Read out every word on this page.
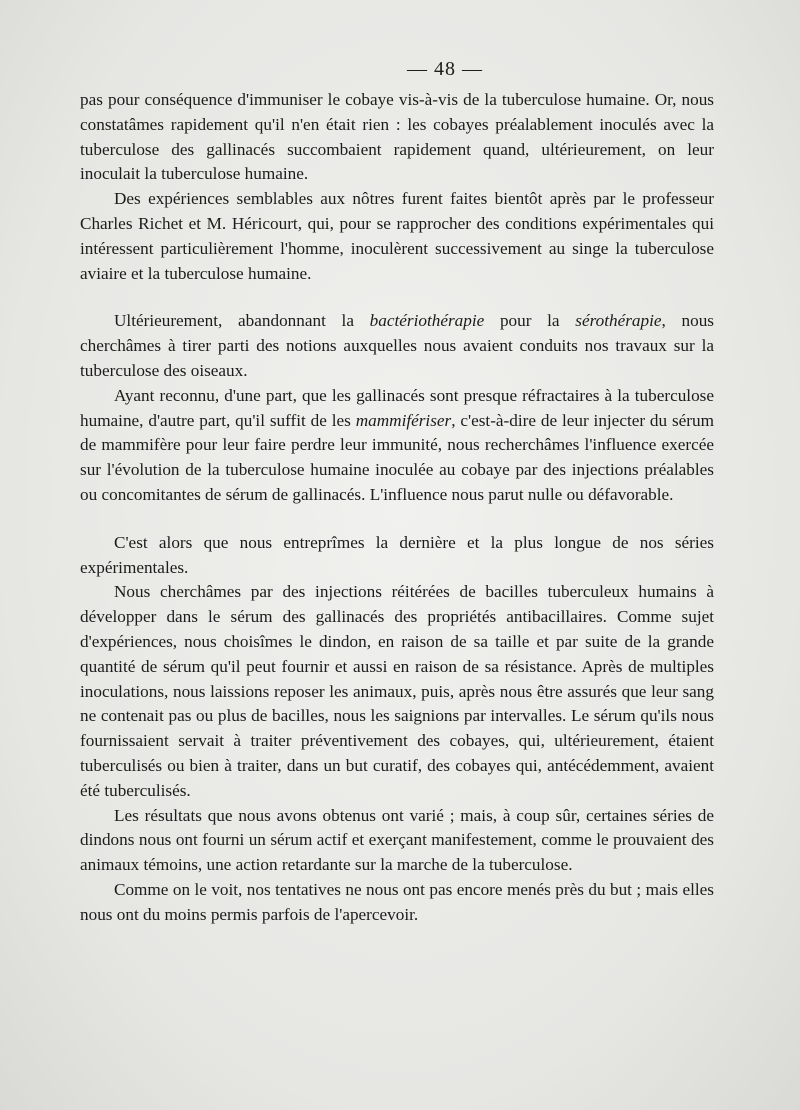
— 48 —

pas pour conséquence d'immuniser le cobaye vis-à-vis de la tuberculose humaine. Or, nous constatâmes rapidement qu'il n'en était rien : les cobayes préalablement inoculés avec la tuberculose des gallinacés succombaient rapidement quand, ultérieurement, on leur inoculait la tuberculose humaine.

Des expériences semblables aux nôtres furent faites bientôt après par le professeur Charles Richet et M. Héricourt, qui, pour se rapprocher des conditions expérimentales qui intéressent particulièrement l'homme, inoculèrent successivement au singe la tuberculose aviaire et la tuberculose humaine.

Ultérieurement, abandonnant la bactériothérapie pour la sérothérapie, nous cherchâmes à tirer parti des notions auxquelles nous avaient conduits nos travaux sur la tuberculose des oiseaux.

Ayant reconnu, d'une part, que les gallinacés sont presque réfractaires à la tuberculose humaine, d'autre part, qu'il suffit de les mammifériser, c'est-à-dire de leur injecter du sérum de mammifère pour leur faire perdre leur immunité, nous recherchâmes l'influence exercée sur l'évolution de la tuberculose humaine inoculée au cobaye par des injections préalables ou concomitantes de sérum de gallinacés. L'influence nous parut nulle ou défavorable.

C'est alors que nous entreprîmes la dernière et la plus longue de nos séries expérimentales.

Nous cherchâmes par des injections réitérées de bacilles tuberculeux humains à développer dans le sérum des gallinacés des propriétés antibacillaires. Comme sujet d'expériences, nous choisîmes le dindon, en raison de sa taille et par suite de la grande quantité de sérum qu'il peut fournir et aussi en raison de sa résistance. Après de multiples inoculations, nous laissions reposer les animaux, puis, après nous être assurés que leur sang ne contenait pas ou plus de bacilles, nous les saignions par intervalles. Le sérum qu'ils nous fournissaient servait à traiter préventivement des cobayes, qui, ultérieurement, étaient tuberculisés ou bien à traiter, dans un but curatif, des cobayes qui, antécédemment, avaient été tuberculisés.

Les résultats que nous avons obtenus ont varié ; mais, à coup sûr, certaines séries de dindons nous ont fourni un sérum actif et exerçant manifestement, comme le prouvaient des animaux témoins, une action retardante sur la marche de la tuberculose.

Comme on le voit, nos tentatives ne nous ont pas encore menés près du but ; mais elles nous ont du moins permis parfois de l'apercevoir.
